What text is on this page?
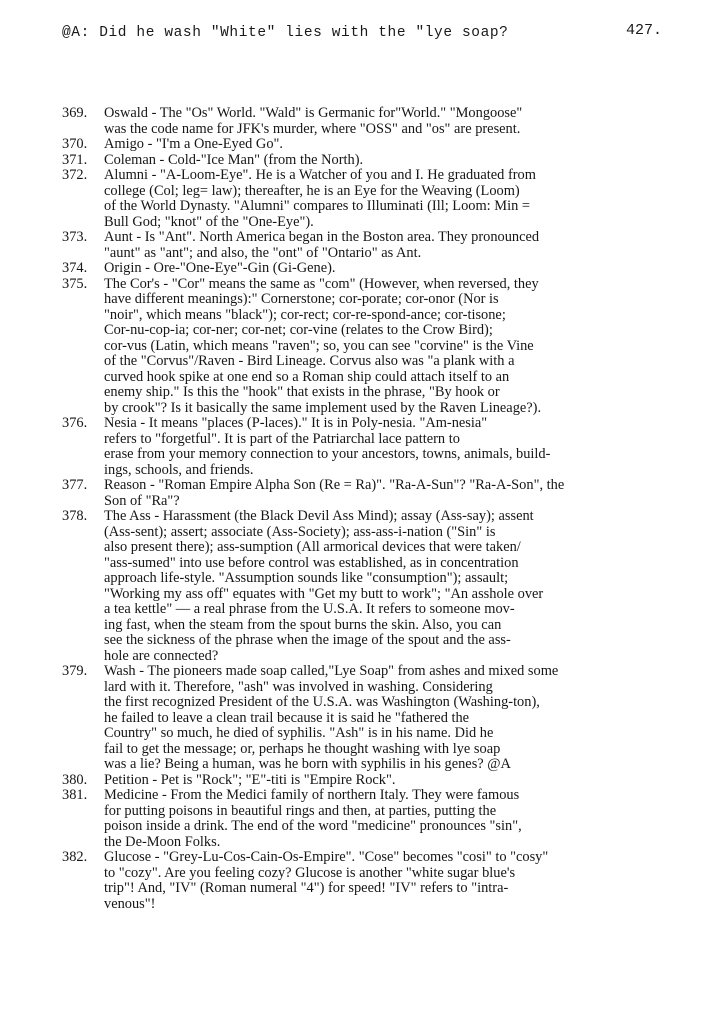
@A: Did he wash "White" lies with the "lye soap?	427.
369.	Oswald - The "Os" World. "Wald" is Germanic for"World." "Mongoose"
was the code name for JFK's murder, where "OSS" and "os" are present.
370.	Amigo - "I'm a One-Eyed Go".
371.	Coleman - Cold-"Ice Man" (from the North).
372.	Alumni - "A-Loom-Eye". He is a Watcher of you and I. He graduated from
college (Col; leg= law); thereafter, he is an Eye for the Weaving (Loom)
of the World Dynasty. "Alumni" compares to Illuminati (Ill; Loom: Min =
Bull God; "knot" of the "One-Eye").
373.	Aunt - Is "Ant". North America began in the Boston area. They pronounced
"aunt" as "ant"; and also, the "ont" of "Ontario" as Ant.
374.	Origin - Ore-"One-Eye"-Gin (Gi-Gene).
375.	The Cor's - "Cor" means the same as "com" (However, when reversed, they
have different meanings):" Cornerstone; cor-porate; cor-onor (Nor is
"noir", which means "black"); cor-rect; cor-re-spond-ance; cor-tisone;
Cor-nu-cop-ia; cor-ner; cor-net; cor-vine (relates to the Crow Bird);
cor-vus (Latin, which means "raven"; so, you can see "corvine" is the Vine
of the "Corvus"/Raven - Bird Lineage. Corvus also was "a plank with a
curved hook spike at one end so a Roman ship could attach itself to an
enemy ship." Is this the "hook" that exists in the phrase, "By hook or
by crook"? Is it basically the same implement used by the Raven Lineage?).
376.	Nesia - It means "places (P-laces)." It is in Poly-nesia. "Am-nesia"
refers to "forgetful". It is part of the Patriarchal lace pattern to
erase from your memory connection to your ancestors, towns, animals, build-
ings, schools, and friends.
377.	Reason - "Roman Empire Alpha Son (Re = Ra)". "Ra-A-Sun"? "Ra-A-Son", the
Son of "Ra"?
378.	The Ass - Harassment (the Black Devil Ass Mind); assay (Ass-say); assent
(Ass-sent); assert; associate (Ass-Society); ass-ass-i-nation ("Sin" is
also present there); ass-sumption (All armorical devices that were taken/
"ass-sumed" into use before control was established, as in concentration
approach life-style. "Assumption sounds like "consumption"); assault;
"Working my ass off" equates with "Get my butt to work"; "An asshole over
a tea kettle" — a real phrase from the U.S.A. It refers to someone mov-
ing fast, when the steam from the spout burns the skin. Also, you can
see the sickness of the phrase when the image of the spout and the ass-
hole are connected?
379.	Wash - The pioneers made soap called,"Lye Soap" from ashes and mixed some
lard with it. Therefore, "ash" was involved in washing. Considering
the first recognized President of the U.S.A. was Washington (Washing-ton),
he failed to leave a clean trail because it is said he "fathered the
Country" so much, he died of syphilis. "Ash" is in his name. Did he
fail to get the message; or, perhaps he thought washing with lye soap
was a lie? Being a human, was he born with syphilis in his genes? @A
380.	Petition - Pet is "Rock"; "E"-titi is "Empire Rock".
381.	Medicine - From the Medici family of northern Italy. They were famous
for putting poisons in beautiful rings and then, at parties, putting the
poison inside a drink. The end of the word "medicine" pronounces "sin",
the De-Moon Folks.
382.	Glucose - "Grey-Lu-Cos-Cain-Os-Empire". "Cose" becomes "cosi" to "cosy"
to "cozy". Are you feeling cozy? Glucose is another "white sugar blue's
trip"! And, "IV" (Roman numeral "4") for speed! "IV" refers to "intra-
venous"!
